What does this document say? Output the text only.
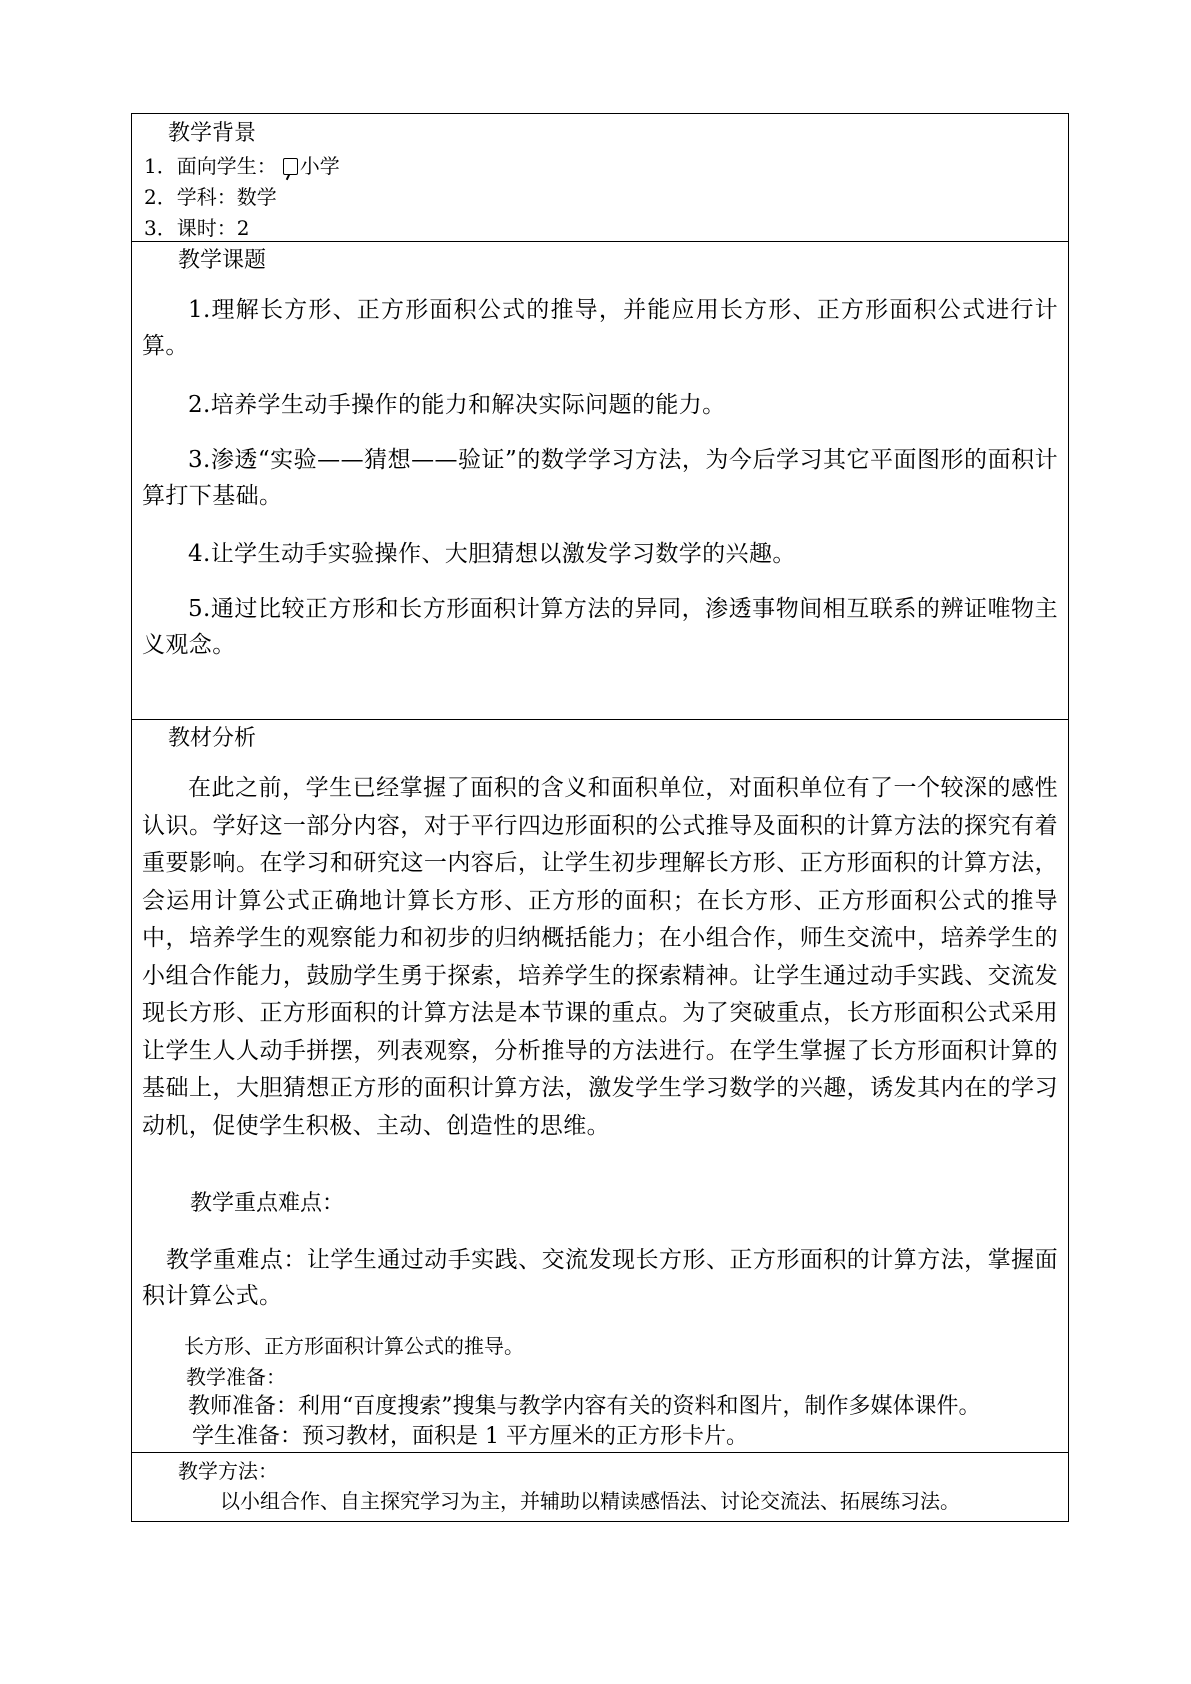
教学背景
1．面向学生： 小学
2．学科：数学
3．课时：2
教学课题
1.理解长方形、正方形面积公式的推导，并能应用长方形、正方形面积公式进行计算。
2.培养学生动手操作的能力和解决实际问题的能力。
3.渗透“实验——猜想——验证”的数学学习方法，为今后学习其它平面图形的面积计算打下基础。
4.让学生动手实验操作、大胆猜想以激发学习数学的兴趣。
5.通过比较正方形和长方形面积计算方法的异同，渗透事物间相互联系的辨证唯物主义观念。
教材分析
在此之前，学生已经掌握了面积的含义和面积单位，对面积单位有了一个较深的感性认识。学好这一部分内容，对于平行四边形面积的公式推导及面积的计算方法的探究有着重要影响。在学习和研究这一内容后，让学生初步理解长方形、正方形面积的计算方法，会运用计算公式正确地计算长方形、正方形的面积；在长方形、正方形面积公式的推导中，培养学生的观察能力和初步的归纳概括能力；在小组合作，师生交流中，培养学生的小组合作能力，鼓励学生勇于探索，培养学生的探索精神。让学生通过动手实践、交流发现长方形、正方形面积的计算方法是本节课的重点。为了突破重点，长方形面积公式采用让学生人人动手拼摆，列表观察，分析推导的方法进行。在学生掌握了长方形面积计算的基础上，大胆猜想正方形的面积计算方法，激发学生学习数学的兴趣，诱发其内在的学习动机，促使学生积极、主动、创造性的思维。
教学重点难点：
教学重难点：让学生通过动手实践、交流发现长方形、正方形面积的计算方法，掌握面积计算公式。
长方形、正方形面积计算公式的推导。
教学准备：
教师准备：利用“百度搜索”搜集与教学内容有关的资料和图片，制作多媒体课件。
学生准备：预习教材，面积是 1 平方厘米的正方形卡片。
教学方法：
以小组合作、自主探究学习为主，并辅助以精读感悟法、讨论交流法、拓展练习法。
